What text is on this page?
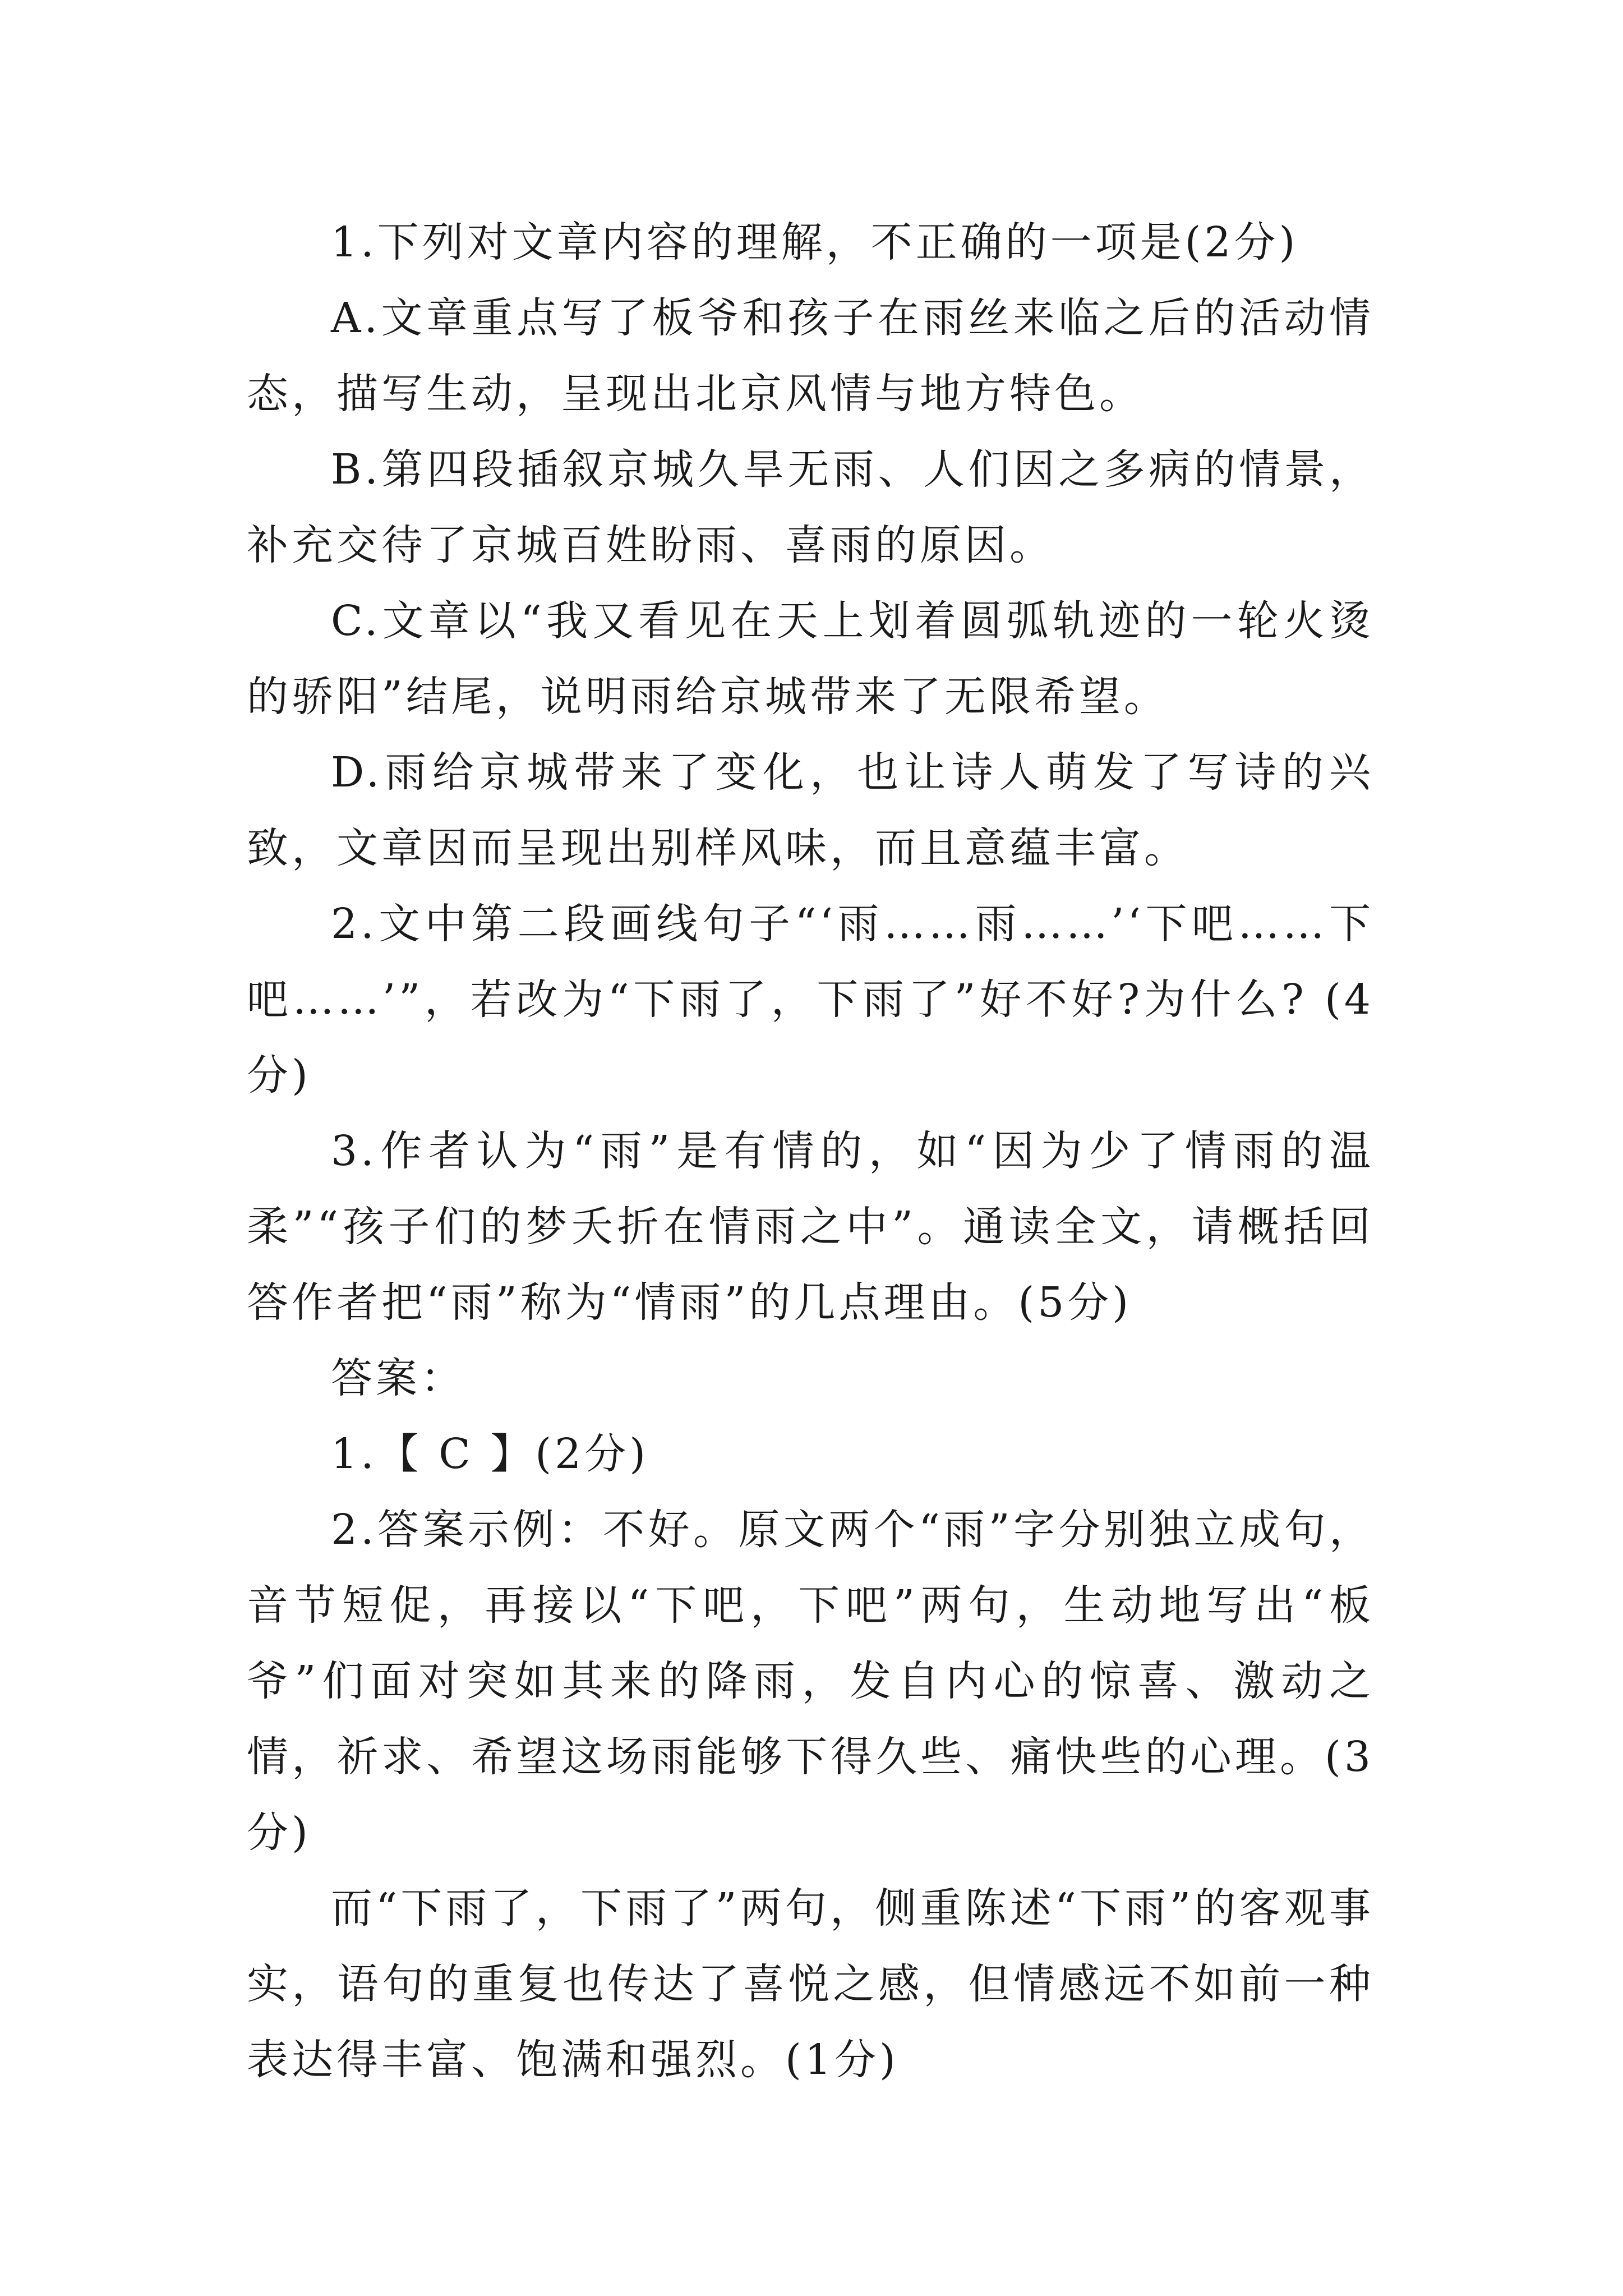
1.下列对文章内容的理解，不正确的一项是(2分)

A.文章重点写了板爷和孩子在雨丝来临之后的活动情态，描写生动，呈现出北京风情与地方特色。

B.第四段插叙京城久旱无雨、人们因之多病的情景，补充交待了京城百姓盼雨、喜雨的原因。

C.文章以“我又看见在天上划着圆弧轨迹的一轮火烫的骄阳”结尾，说明雨给京城带来了无限希望。

D.雨给京城带来了变化，也让诗人萌发了写诗的兴致，文章因而呈现出别样风味，而且意蕴丰富。

2.文中第二段画线句子“‘雨……雨……’‘下吧……下吧……’”，若改为“下雨了，下雨了”好不好?为什么? (4分)

3.作者认为“雨”是有情的，如“因为少了情雨的温柔”“孩子们的梦夭折在情雨之中”。通读全文，请概括回答作者把“雨”称为“情雨”的几点理由。(5分)

答案：

1.【 C 】(2分)

2.答案示例：不好。原文两个“雨”字分别独立成句，音节短促，再接以“下吧，下吧”两句，生动地写出“板爷”们面对突如其来的降雨，发自内心的惊喜、激动之情，祈求、希望这场雨能够下得久些、痛快些的心理。(3分)

而“下雨了，下雨了”两句，侧重陈述“下雨”的客观事实，语句的重复也传达了喜悦之感，但情感远不如前一种表达得丰富、饱满和强烈。(1分)
